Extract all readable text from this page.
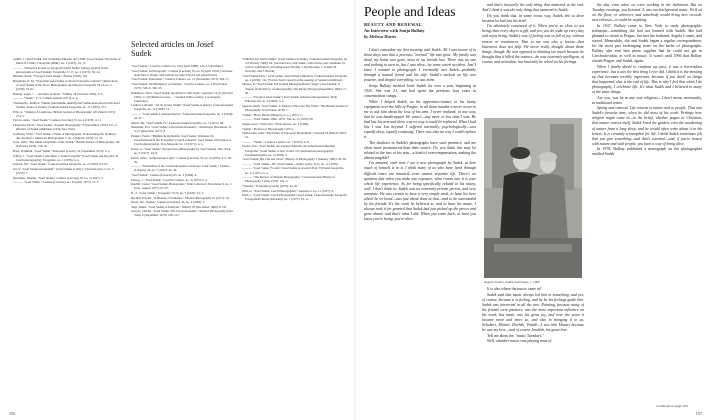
Auditi, J. "Josef Sudek: Ein verdientes Künstler der CSSR" [Josef Sudek: The Artist of Merit of CSSR]. Fotografie (DDR), no. 1 (1967): 16–17.
———. "Obrazové kouzlo ve fotografii Josefa Sudka" [Image Quality in the photographs of Josef Sudek]. Fotografie 72 17, no. 2 (1973): 30–34.
Birchall, Pavel. "Fotograf Josef Sudek." Žijeme (1932): 181.
Bergmann, E. M. "Vypravění pana Sudka ve Slově Fotografie a Modra" [Reflections of Josef Sudek in the Slovo Photographer and Moon]. Fotografie 79 22, no. 3 (1979): 53–61.
Bullaty, Sonja. ". . . and there is music." Infinity 18 (October 1969): 3–4.
———. "Sudek." U. S. Camera Annual (1971): n. p.
Chalupecký, Jindřich. "Mezní (současného umění) josef Sudek interviewed with Josef Sudek]. Arena of Works]. Československá fotografie, no. 11 (1963): 373.
Ellis, A. "Talking of Landscape: British Journal of Photography 120 (March 1973): 274–5.
Fárová, Anna. "Josef Sudek." Camera (Lucerne) 55, no. 4 (1976): 4–11.
Fitzgerald, Pavel. "Josef Sudek." Popular Photography 75 (November 1974): 151–2. [Review of Sudek exhibition at ICP, New York].
Goldberg, Vicki. "Josef Sudek, a Week of Photography: Transforming the Ordinary into the Rare." American Photographer 1, no. 3 (March, 1979): 12, 35.
Gore, John. "The Silent Labyrinths of Mr. Sudek." British Journal of Photography 126 (February 1979): 126–32.
Haas, František. "Josef Sudek." Panorama (Czech.) 10 (September 1972): n. p.
Jeffery, J. "Josef Sudek a jeho místo v české fotografii" [Josef Sudek and his place in Czech photography]. Fotografie, no. 1 (1976): n. p.
Jeníček, Jiří. "Josef Sudek." Československá fotografie, no. 2 (1956): 63–67.
Ješ, V. "Josef Sudek fotostudiem." [Josef Sudek at sixty]. Výtvarná práce 5, no. 3 (1957): 7.
Kirschner, Zdeněk. "Josef Sudek." Camera (Lucerne) 35, no. 3 (1957): 5.
———. "Josef Sudek." Camera (Lucerne), no. 3/4 (July 1977): 13–7.
Selected articles on Josef Sudek
"Josef Sudek." Creative Camera, no. 100 (April 1980): 126–31 [Portfolio].
"Josef Sudek: A Photograph." Camera (Lucerne) 55, no. 8 (April 1976). [An issue dedicated to Sudek, with articles by Anna Fárová and Allan Porter].
"Josef Sudek: Panoramic." Creative Camera, no. 13 (November 1973): 364–71.
"Josef Sudek: The Birthplace of Janáček." Creative Camera, no. 136 (October 1975): 328–9, 340–53.
Kehnilson, Olivi. "Josef Sudek: An Alliance with Light." Aperture 13 (3) (October 1981): 11. [Exhibition review — Stephen White Gallery, Los Angeles, California].
Lenhart, Lubomír. "Až do pracky Sudku" [Josef Sudek at ninety]. Československá fotografie, no. 11 (1966): 14.
———. "Josef Sudek a Janáček Paulov." Československá fotografie, no. 2 (1956): 44–45.
Mattis, Jiří. "Josef Sudek 75." Československá fotografie, no. 3 (1971): 86.
Neumann, Eva. "Josef Sudek: A Reclusive Romantic." Afterimage (Rochester, N. Y.) 5 (May/June 1977): 8.
Pangert, Frantz. "Böhmische Romantik: Josef Sudek. Wanderer im Zwischenbereich der Fotografie" [Czech romantic: Josef Sudek. Old master of Czech photography]. Foto Magazin, no. 10 (1971): n. p.
Porter, A. "Josef Sudek." Perspectives (Photography by Josef Sudek). New York, no. 6 (1977): 44–8.
Porter, Allan. "A Mysterious Light." Camera (Lucerne) 55, no. 4 (1976): 4–5, 38–39.
———. "Panoramas of the Czechoslovakian Landscape: Josef Sudek." Camera (Lucerne) 44, no. 7 (1967): 22–34.
"Josef Sudek." Camera (Lucerne) 45, no. 3 (1966): 4.
Prokop, J. "Josef Sudek." Creative Camera, no. 3 (1975): n. p.
Ratcliff, Carter. "Josef Sudek: Photographs." Print Collector's Newsletter 8, no. 3 (July–August 1977): 65–67.
Ř., Z. "Josef Sudek." Fotografie 79 22, no. 3 (1979): 52–3.
Rychtář, Edvard. "A Sharing of Solitudes." Modern Photography 41 (1977): 16.
Rosel, Jan. "Sudek." Camera (Lucerne), 45, no. 3 (1966): 5.
Sage, James. "Josef Sudek: A Portfolio." Infinity 18 (December 1969): 8–19.
Sawyer, Charles. "Josef Sudek: The Czech Romantic." Modern Photography (New York) 4 (September 1976): 108–117.
"Stilleben bei Josefa Sudka" [Josef Sudek a novinky]. Československá fotografie, no. 2 (February 1966): 64. [An interview with Sudek, with articles and comments by twelve contributors, including Karel Dvořák, J. Rychnovský, J. Tomáš, M. Novotný, and J. Boček].
"Josef Sudek Tistý," Josef Sudek, Josef Sudek exhibited]. Československá fotografie, no. 4 (1959): 132. [Václav Seitz's speech at the opening of Sudek's exhibition].
Skopec, R. "Josef Sudek: Ein Kapitel Photographischer Wege" [Josef Sudek: A chapter in the history of photography]. Die Revue (Europa) (September 1964): 17–20.
———. "Fotograf Josef Sudek" [Josef Sudek: Amateur photographer]. Malý Průvodce 60, no. 9 (1963): n. p.
Spencer, Ruth. "Josef Sudek: A Tribute to His Life, His Work." The British Journal of Photography 22 (October 1976): 1.
"Sudek." Photo Revue (Hungary) n. p. (1977): 7.
———. "Josef Sudek: 1896–1976." Du, no. 6 (1976): 99.
Sudek, Josef. "Still Lifes." Photo Revue, no. 3 (1966).
"Sudek." Pictures of Photography (1971).
Szarkowski, John. "The Fisher of European Modernism." Artweek 18 (March 1987): 12.
———. "Sudek." Creative Camera, no. 3 (1975): 4–6.
Teodor, Pan. "Josef Sudek, ein weiterer Künstler der tschechoslowakischen Fotografie" [Josef Sudek: A new classic of Czechoslovak photography]. Fotokinomagazin, no. 4 (1959): 4.
"Josef Sudek: His Life and Work." History of Photography 3 (January 1982): 29–56.
———. "Josef Sudek—90" [Josef Sudek—eighty years]. Foto, no. 11 (1976).
———. "Josef Sudek 75 roků" [Josef Sudek at seventy-five]. Výtvarná fotografie, no. 11 (1971): n. p.
———. "The Review of Modern Photography." Czechoslovakia History of Photography 3 (July 1979): 241–3.
"Wonder." Fotografie (Czech) (1979): 44–47.
Weil, G. "Josef Sudek: Czech Photographer." Aperture 2, no. 11 (1977): 9.
Walb, J. "Josef Sudek: Czech Photographer [Josef Sudek, Československý fotograf]." Fotografická Revue (Dresden), no. 1 (1977): 10–11.
156
People and Ideas
BEAUTY AND RENEWAL
An Interview with Sonja Bullaty
by Melissa Harris

I don't remember my first meeting with Sudek. All I was aware of in those days was that a precious "normal" life was gone. My family was dead, my home was gone, most of my friends lost. There was no one and nothing to turn to, but I was alive—by some weird accident. And I knew I wanted to photograph. I eventually met Sudek—probably through a mutual friend and his wife. Sudek's outlook on life was positive, and despite everything, so was mine.

Sonja Bullaty assisted Josef Sudek for over a year, beginning in 1945. She was 21, and had spent the previous four years in concentration camps.

While I helped Sudek, as his apprentice-matter, in his heavy equipment over the hills of Prague, in all those months it never occur to me to ask him about the loss of his arm. I never realized, in any way, that he was handicapped. He wasn't—any more or less than I was. He had lost his arm and there was no way it could be replaced. What I had lost I was lost beyond. I suffered internally, psychologically—was equally deep, equally confusing. There was also no way I could replace it.

The shadows in Sudek's photographs have such presence, and are often more pronounced than their source. Do you think this may be related to the loss of his arm—a kind of overcompensation, making the absent tangible?

I'm amazed, each time I see a new photograph by Sudek, at how much of himself is in it. I think many of us who have lived through difficult times are haunted—even cannot separate life. There's no question that when you make any exposure, what comes into it is your whole life experience. As for being specifically related to his injury, well, I don't think so. Sudek was an extremely private person, and very unmystic. He was certain to have a very simple meal, to have his beer which he so loved—was just about done at that—and to be surrounded by his friends. It's the work he believed in, and to have his music. I always took it for granted that Sudek had just picked up the pieces and gone ahead, and that's what I did. When you come back, at least you know you're living, you're alive,

and that's basically the only thing that mattered at the end. And I think it was the only thing that mattered to Sudek.

Do you think that, in some ironic way, Sudek felt so alive because he had lost his arm?

I'm absolutely convinced of it. When you're so close to not being, then every day is a gift, and yes, you do wake up every day and enjoy being. Sudek's way of feeling was so full of joy, without rancor or resentment. That to me was also a lesson—that bitterness does not help. He never really thought about those things, though. He was opposed to thinking too much because he thought that it killed the instinct—he was extremely intelligent, of course, and articulate, but basically he relied on his feelings.

Angelo Lomeo, Sudek and Sonja, c. 1960

It is also where the music came in?

Sudek said that music always led him to something, and yes, of course, because it is feeling, and he let his feelings guide him. Sudek was interested in all the arts. Painting, because many of his friends were painters, was the most important influence on his work, but music was his great joy, and over the years it became more and more so, and also in bringing it to us. Schubert, Mozart, Dvořák, Vivaldi—I saw him Mozart because he was my love—and of course Janáček, his great love.

Tell me about the "music Tuesdays."

Well, chamber music was playing most of

the day, even when we were working in the darkroom. But on Tuesday evenings, you listened. It was our background music. We'd sit on the floor, or wherever, and somebody would bring new records, new releases—it could be anything.

In 1947, Bullaty came to New York to study photographic technique—something she had not learned with Sudek. She had planned to return to Prague, but met her husband, Angelo Lomeo, and stayed. Meanwhile, she and Sudek began a regular correspondence; for the most part exchanging notes on the backs of photographs. Bullaty also sent him photo supplies that he could not get in Czechoslovakia, as well as music. It wasn't until 1966 that Bullaty visited Prague, and Sudek, again.

When I finally dared to confront my past, it was a horrendous experience, but it was the best thing I ever did. I think it is the messing up that becomes terribly important, because if you dwell on things that happened, that is the end of life. This is why I feel that when I do photography, I celebrate life. It's what Sudek and I believed in many of the same things.

Are you, was he in any way religious—I don't mean, necessarily, in traditional terms.

Spring and renewal. Life returns to nature and to people. That was Sudek's favorite time, when he did most of his work. Perhaps here religion might come in—in the belief, whether pagan or Christian, that nature renews itself. Sudek loved the garden, even the awakening of nature from a long sleep, and he would often write about it in his letters. It is certainly a metaphor for life. I think Sudek sometimes felt that you give something—and that's essential—and, if you're honest with nature and with people, you have a way of being alive.

In 1978, Bullaty published a monograph on the photographer entitled Sudek

Continued on page 160
157
